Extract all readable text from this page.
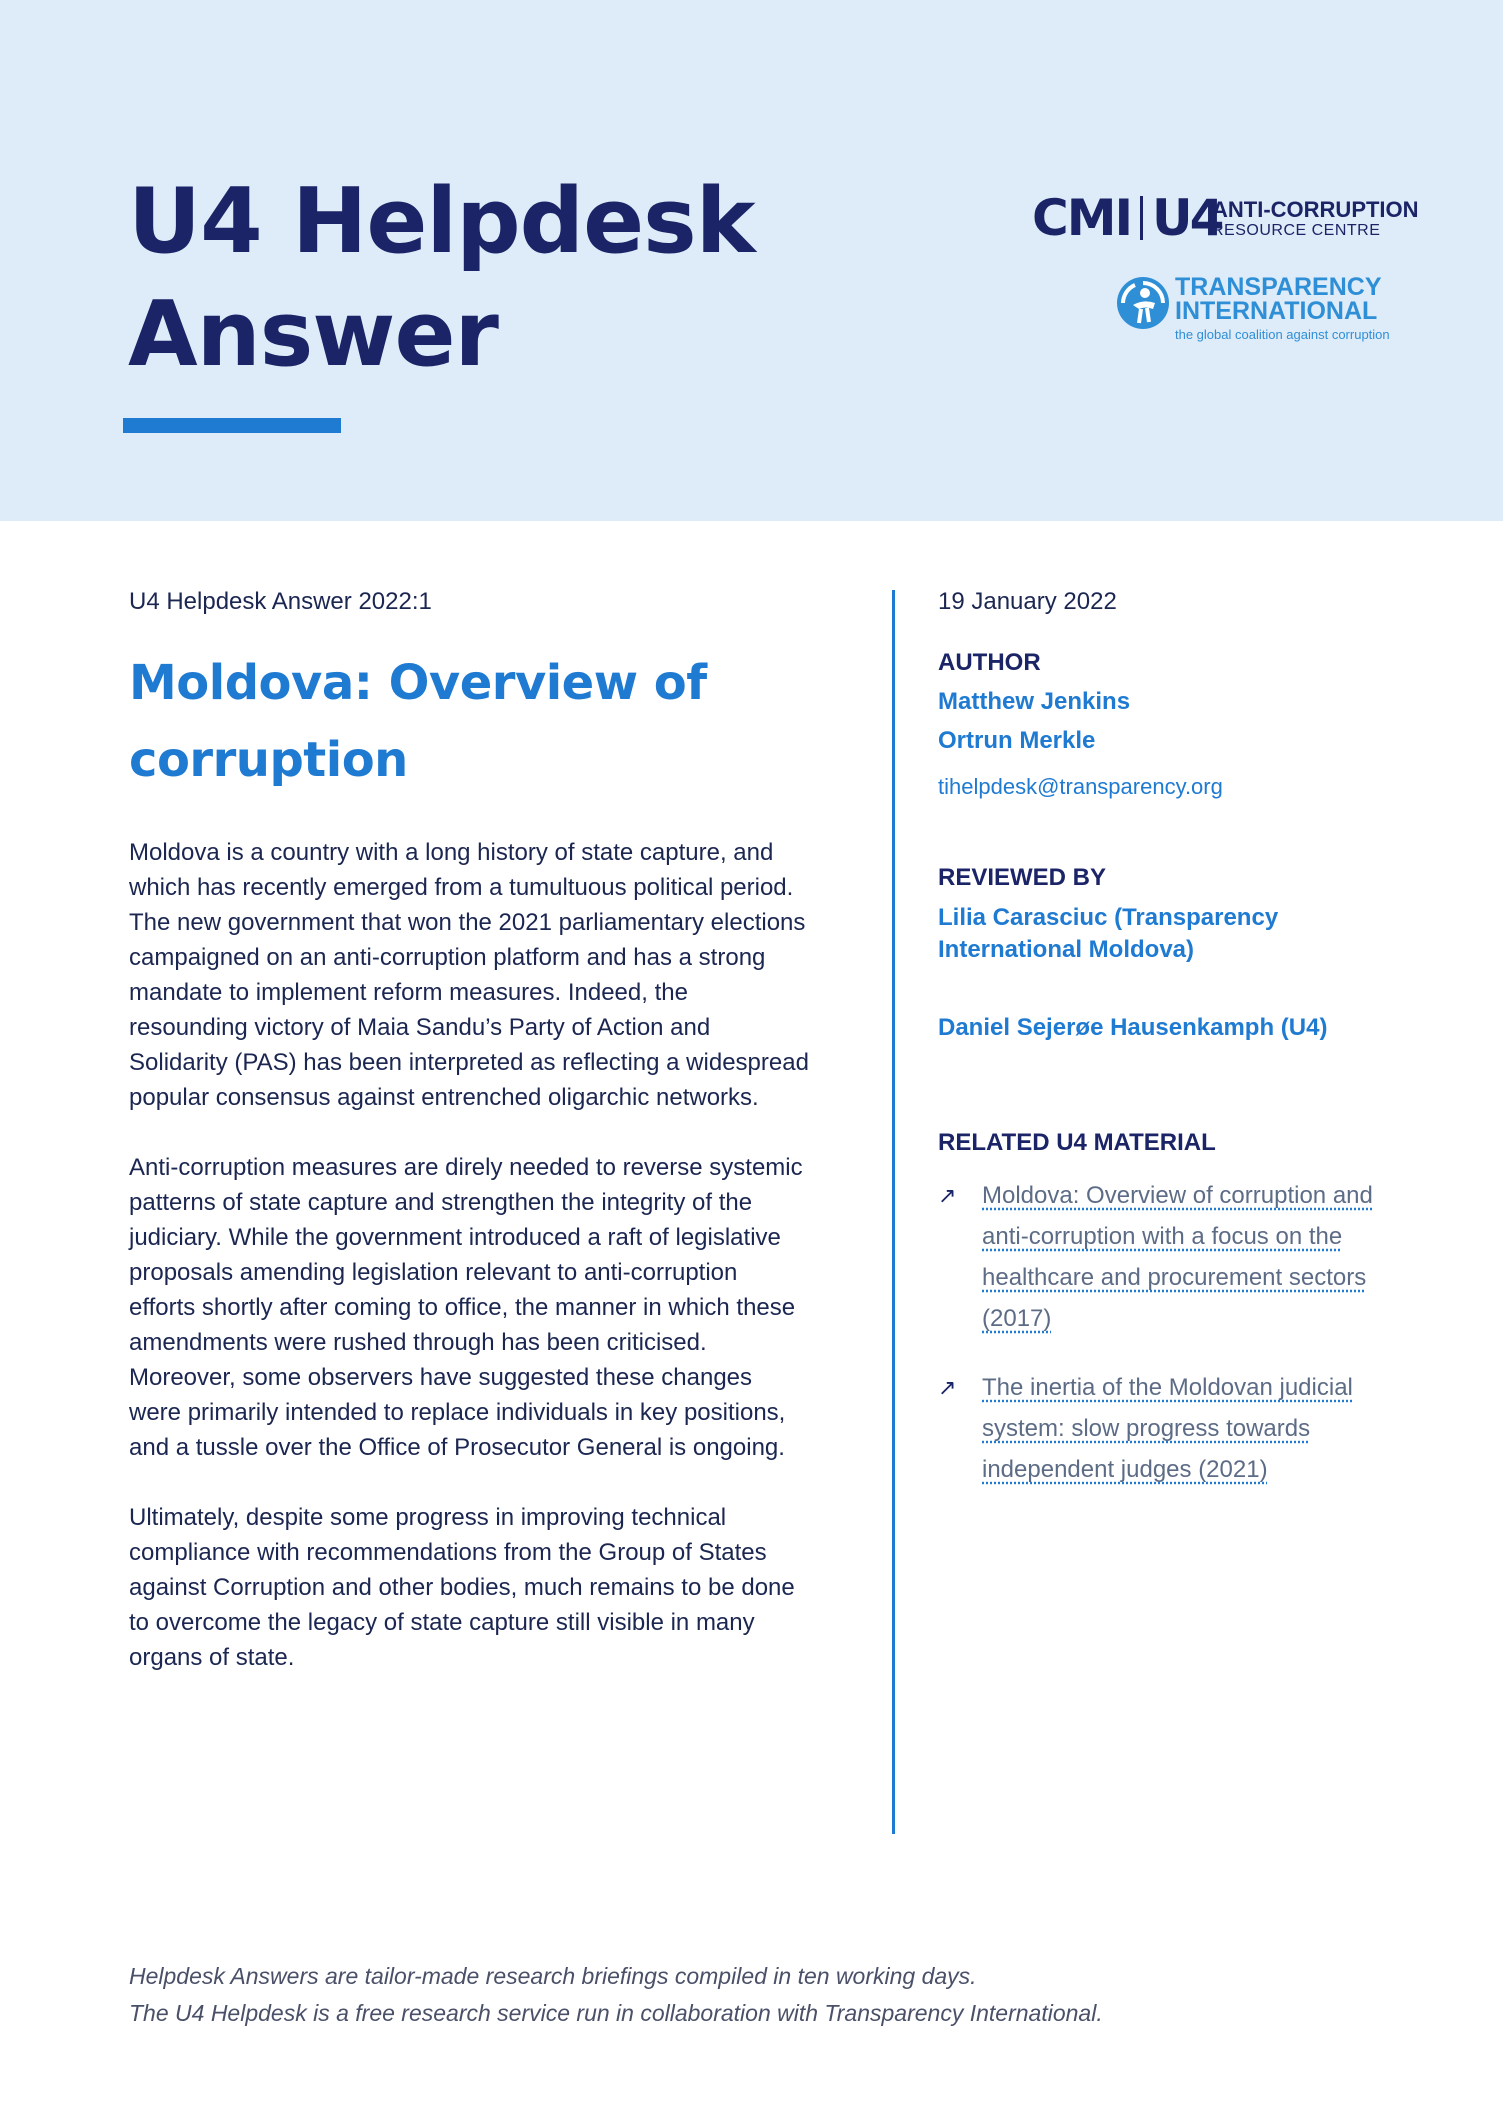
U4 Helpdesk
Answer
CMI U4
ANTI-CORRUPTION
RESOURCE CENTRE
TRANSPARENCY
INTERNATIONAL
the global coalition against corruption
U4 Helpdesk Answer 2022:1
Moldova: Overview of
corruption

Moldova is a country with a long history of state capture, and which has recently emerged from a tumultuous political period. The new government that won the 2021 parliamentary elections campaigned on an anti-corruption platform and has a strong mandate to implement reform measures. Indeed, the resounding victory of Maia Sandu’s Party of Action and Solidarity (PAS) has been interpreted as reflecting a widespread popular consensus against entrenched oligarchic networks.

Anti-corruption measures are direly needed to reverse systemic patterns of state capture and strengthen the integrity of the judiciary. While the government introduced a raft of legislative proposals amending legislation relevant to anti-corruption efforts shortly after coming to office, the manner in which these amendments were rushed through has been criticised. Moreover, some observers have suggested these changes were primarily intended to replace individuals in key positions, and a tussle over the Office of Prosecutor General is ongoing.

Ultimately, despite some progress in improving technical compliance with recommendations from the Group of States against Corruption and other bodies, much remains to be done to overcome the legacy of state capture still visible in many organs of state.

19 January 2022
AUTHOR
Matthew Jenkins
Ortrun Merkle
tihelpdesk@transparency.org
REVIEWED BY
Lilia Carasciuc (Transparency International Moldova)
Daniel Sejerøe Hausenkamph (U4)
RELATED U4 MATERIAL
↗ Moldova: Overview of corruption and anti-corruption with a focus on the healthcare and procurement sectors (2017)
↗ The inertia of the Moldovan judicial system: slow progress towards independent judges (2021)
Helpdesk Answers are tailor-made research briefings compiled in ten working days.
The U4 Helpdesk is a free research service run in collaboration with Transparency International.
